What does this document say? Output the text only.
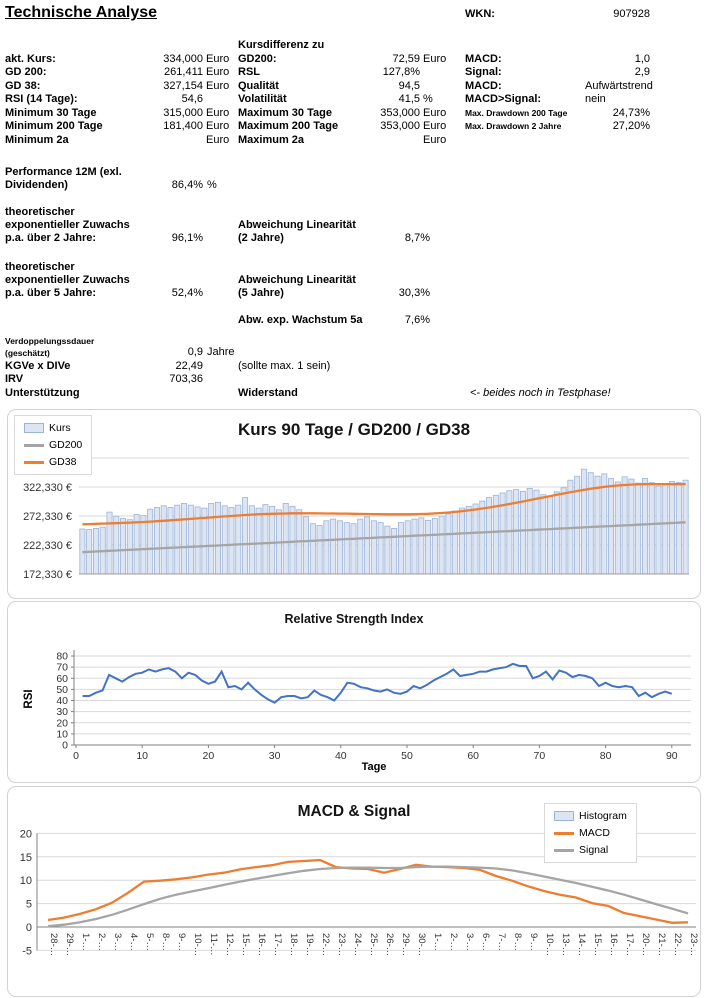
Technische Analyse	WKN:	907928
Kursdifferenz zu
akt. Kurs:	334,000 Euro GD200:	72,59 Euro	MACD:	1,0
GD 200:	261,411 Euro RSL	127,8%	Signal:	2,9
GD 38:	327,154 Euro Qualität	94,5	MACD:	Aufwärtstrend
RSI (14 Tage):	54,6	Volatilität	41,5 %	MACD>Signal:	nein
Minimum 30 Tage	315,000 Euro Maximum 30 Tage	353,000 Euro	Max. Drawdown 200 Tage	24,73%
Minimum 200 Tage	181,400 Euro Maximum 200 Tage	353,000 Euro	Max. Drawdown 2 Jahre	27,20%
Minimum 2a	Euro Maximum 2a	Euro
Performance 12M (exl.
Dividenden)	86,4% %
theoretischer
exponentieller Zuwachs
p.a. über 2 Jahre:	96,1%
Abweichung Linearität
(2 Jahre)	8,7%
theoretischer
exponentieller Zuwachs
p.a. über 5 Jahre:	52,4%
Abweichung Linearität
(5 Jahre)	30,3%
Abw. exp. Wachstum 5a	7,6%
Verdoppelungssdauer
(geschätzt)	0,9 Jahre
KGVe x DIVe	22,49	(sollte max. 1 sein)
IRV	703,36
Unterstützung	Widerstand	<- beides noch in Testphase!
322,330 €
272,330 €
222,330 €
172,330 €
Kurs 90 Tage / GD200 / GD38
Kurs
GD200
GD38
80
70
60
50
40
30
20
10
0
0	10	20	30	40	50	60	70	80	90
Relative Strength Index
RSI
Tage
20
15
10
5
0
-5 28-… 29-… 1-… 2-… 3-… 4-… 5-… 8-… 9-… 10-… 11-… 12-… 15-… 16-… 17-… 18-… 19-… 22-… 23-… 24-… 25-… 26-… 29-… 30-… 1-… 2-… 3-… 6-… 7-… 8-… 9-… 10-… 13-… 14-… 15-… 16-… 17-… 20-… 21-… 22-… 23-…
MACD & Signal	Histogram
MACD
Signal
